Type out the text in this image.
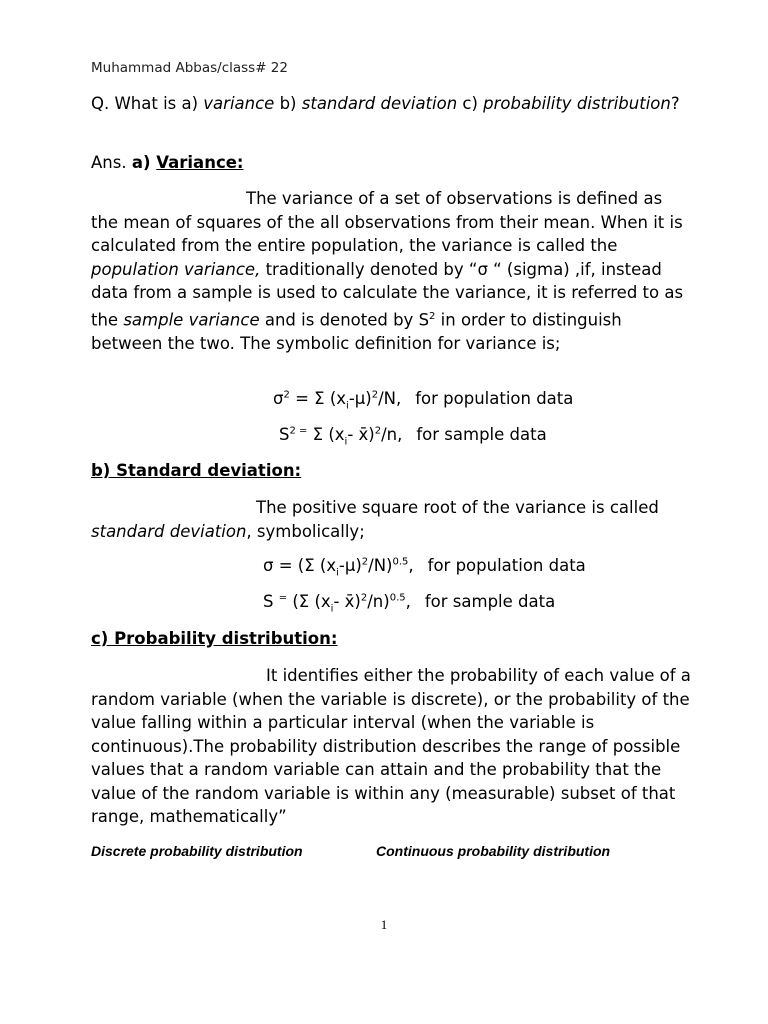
Muhammad Abbas/class# 22

Q. What is a) variance b) standard deviation c) probability distribution?

Ans. a) Variance:

The variance of a set of observations is defined as the mean of squares of the all observations from their mean. When it is calculated from the entire population, the variance is called the population variance, traditionally denoted by “σ “ (sigma) ,if, instead data from a sample is used to calculate the variance, it is referred to as the sample variance and is denoted by $S^2$ in order to distinguish between the two. The symbolic definition for variance is;

$\sigma^2 = \Sigma$ $(x_i-\mu)^2/N$, for population data
$S^{2 =}$ Σ ($x_i-$ x̄)$^2$/n, for sample data
b) Standard deviation:

The positive square root of the variance is called standard deviation, symbolically;

σ = (Σ $(x_i-\mu)^2/N)^{0.5}$, for population data
S = (Σ ($x_i-$ x̄)$^2$/n)$^{0.5}$, for sample data
c) Probability distribution:

It identifies either the probability of each value of a random variable (when the variable is discrete), or the probability of the value falling within a particular interval (when the variable is continuous).The probability distribution describes the range of possible values that a random variable can attain and the probability that the value of the random variable is within any (measurable) subset of that range, mathematically”

Discrete probability distribution	Continuous probability distribution
1
